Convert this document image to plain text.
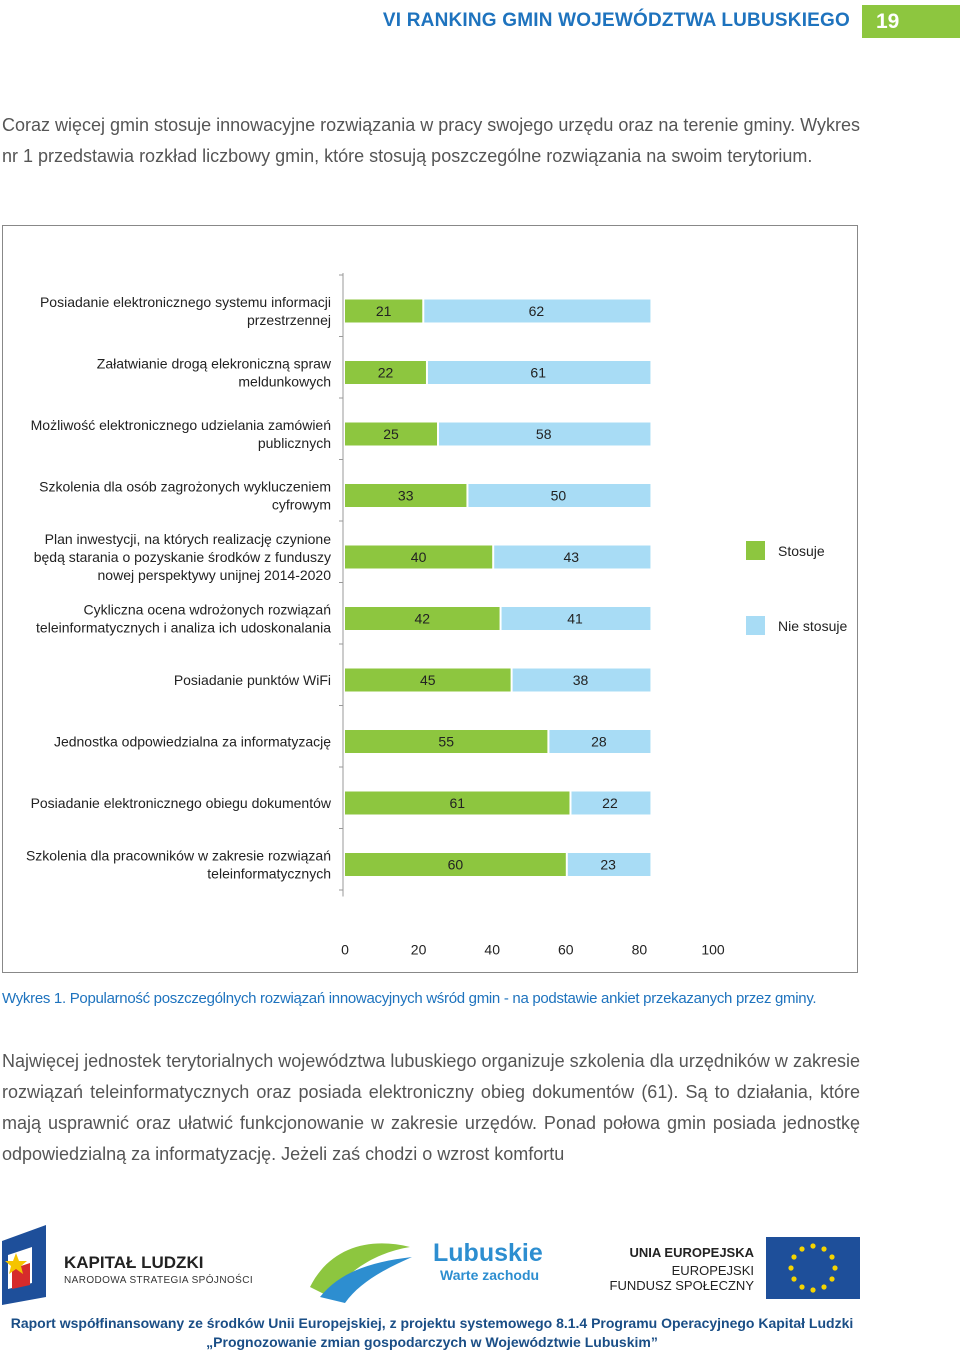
VI RANKING GMIN WOJEWÓDZTWA LUBUSKIEGO	19

Coraz więcej gmin stosuje innowacyjne rozwiązania w pracy swojego urzędu oraz na terenie gminy. Wykres nr 1 przedstawia rozkład liczbowy gmin, które stosują poszczególne rozwiązania na swoim terytorium.

21	62
Posiadanie elektronicznego systemu informacji
przestrzennej
22	61
Załatwianie drogą elekroniczną spraw
meldunkowych
25	58
Możliwość elektronicznego udzielania zamówień
publicznych
33	50
Szkolenia dla osób zagrożonych wykluczeniem
cyfrowym
40	43
Plan inwestycji, na których realizację czynione
będą starania o pozyskanie środków z funduszy
nowej perspektywy unijnej 2014-2020
42	41
Cykliczna ocena wdrożonych rozwiązań
teleinformatycznych i analiza ich udoskonalania
45	38
Posiadanie punktów WiFi
55	28
Jednostka odpowiedzialna za informatyzację
61	22
Posiadanie elektronicznego obiegu dokumentów
60	23
Szkolenia dla pracowników w zakresie rozwiązań
teleinformatycznych
0	20	40	60	80	100
Stosuje
Nie stosuje

Wykres 1. Popularność poszczególnych rozwiązań innowacyjnych wśród gmin - na podstawie ankiet przekazanych przez gminy.

Najwięcej jednostek terytorialnych województwa lubuskiego organizuje szkolenia dla urzędników w zakresie rozwiązań teleinformatycznych oraz posiada elektroniczny obieg dokumentów (61). Są to działania, które mają usprawnić oraz ułatwić funkcjonowanie w zakresie urzędów. Ponad połowa gmin posiada jednostkę odpowiedzialną za informatyzację. Jeżeli zaś chodzi o wzrost komfortu

KAPITAŁ LUDZKI
NARODOWA STRATEGIA SPÓJNOŚCI
Lubuskie
Warte zachodu
UNIA EUROPEJSKA
EUROPEJSKI
FUNDUSZ SPOŁECZNY
Raport współfinansowany ze środków Unii Europejskiej, z projektu systemowego 8.1.4 Programu Operacyjnego Kapitał Ludzki
„Prognozowanie zmian gospodarczych w Województwie Lubuskim”
